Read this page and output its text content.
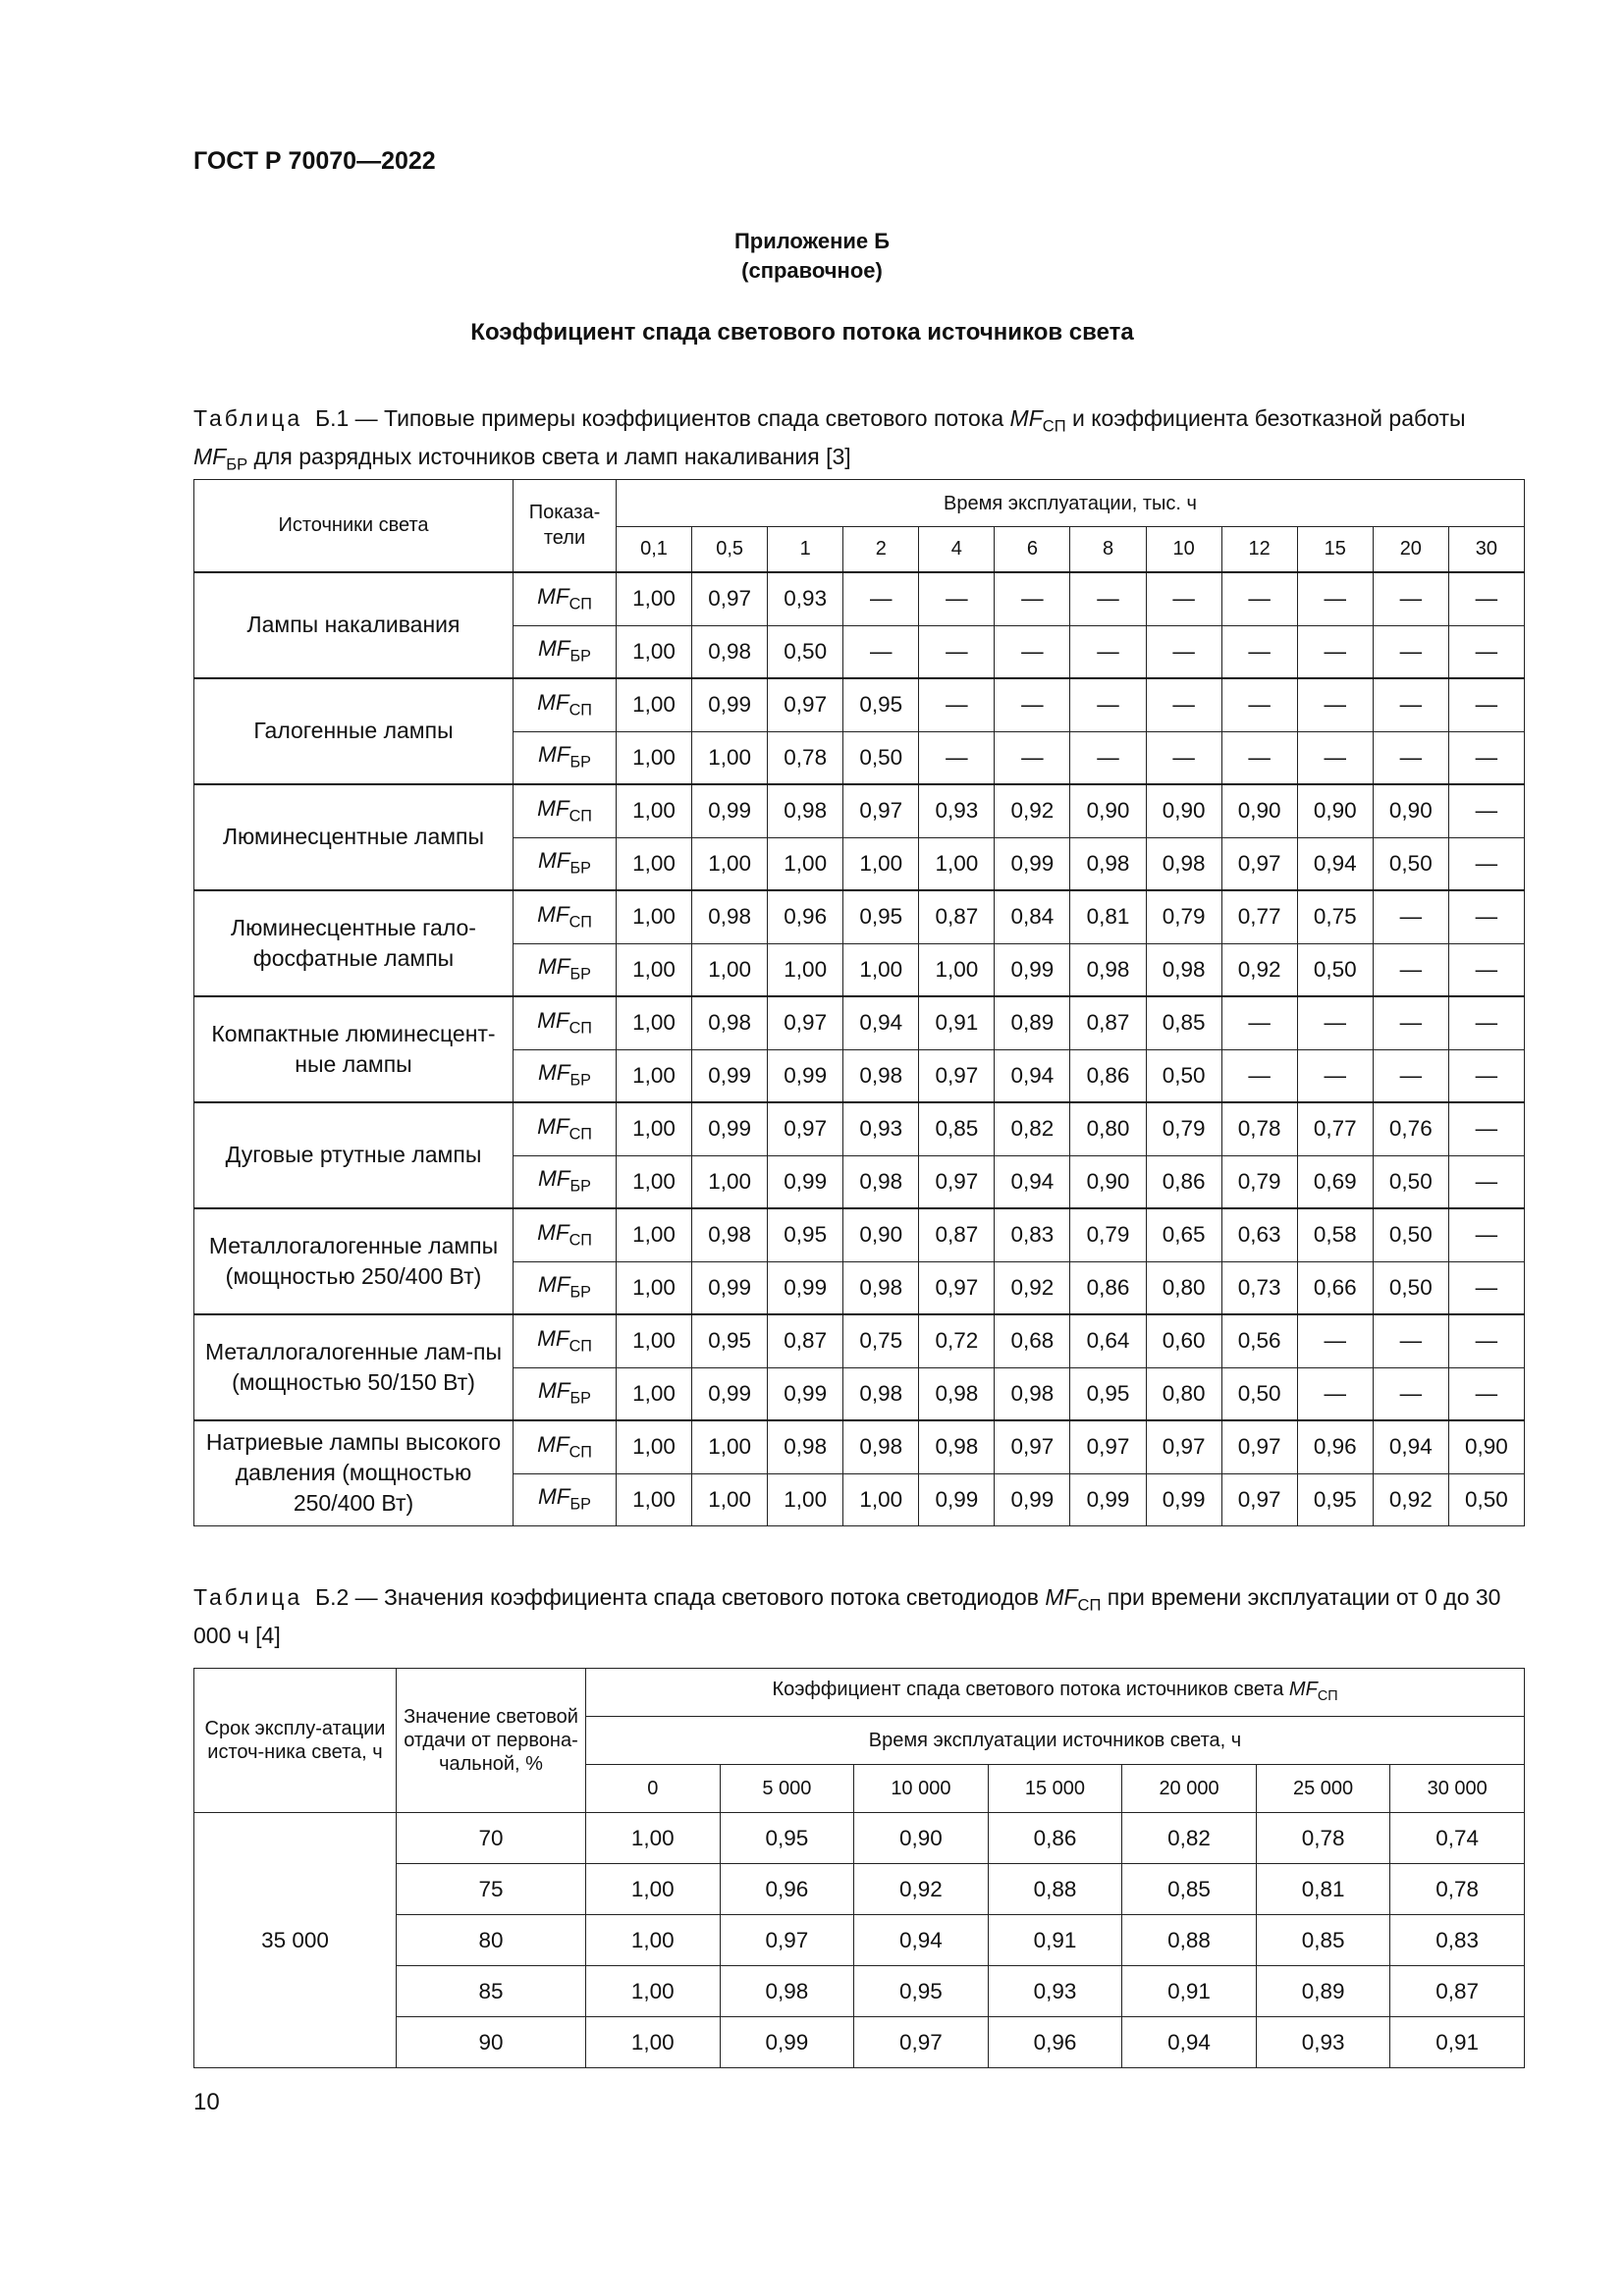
ГОСТ Р 70070—2022
Приложение Б
(справочное)
Коэффициент спада светового потока источников света
Таблица Б.1 — Типовые примеры коэффициентов спада светового потока $MF_{СП}$ и коэффициента безотказной работы $MF_{БР}$ для разрядных источников света и ламп накаливания [3]
Источники света	Показа-тели	Время эксплуатации, тыс. ч											
		0,1	0,5	1	2	4	6	8	10	12	15	20	30
Лампы накаливания	$MF_{СП}$	1,00	0,97	0,93	—	—	—	—	—	—	—	—	—
	$MF_{БР}$	1,00	0,98	0,50	—	—	—	—	—	—	—	—	—
Галогенные лампы	$MF_{СП}$	1,00	0,99	0,97	0,95	—	—	—	—	—	—	—	—
	$MF_{БР}$	1,00	1,00	0,78	0,50	—	—	—	—	—	—	—	—
Люминесцентные лампы	$MF_{СП}$	1,00	0,99	0,98	0,97	0,93	0,92	0,90	0,90	0,90	0,90	0,90	—
	$MF_{БР}$	1,00	1,00	1,00	1,00	1,00	0,99	0,98	0,98	0,97	0,94	0,50	—
Люминесцентные гало-фосфатные лампы	$MF_{СП}$	1,00	0,98	0,96	0,95	0,87	0,84	0,81	0,79	0,77	0,75	—	—
	$MF_{БР}$	1,00	1,00	1,00	1,00	1,00	0,99	0,98	0,98	0,92	0,50	—	—
Компактные люминесцент-ные лампы	$MF_{СП}$	1,00	0,98	0,97	0,94	0,91	0,89	0,87	0,85	—	—	—	—
	$MF_{БР}$	1,00	0,99	0,99	0,98	0,97	0,94	0,86	0,50	—	—	—	—
Дуговые ртутные лампы	$MF_{СП}$	1,00	0,99	0,97	0,93	0,85	0,82	0,80	0,79	0,78	0,77	0,76	—
	$MF_{БР}$	1,00	1,00	0,99	0,98	0,97	0,94	0,90	0,86	0,79	0,69	0,50	—
Металлогалогенные лампы (мощностью 250/400 Вт)	$MF_{СП}$	1,00	0,98	0,95	0,90	0,87	0,83	0,79	0,65	0,63	0,58	0,50	—
	$MF_{БР}$	1,00	0,99	0,99	0,98	0,97	0,92	0,86	0,80	0,73	0,66	0,50	—
Металлогалогенные лам-пы (мощностью 50/150 Вт)	$MF_{СП}$	1,00	0,95	0,87	0,75	0,72	0,68	0,64	0,60	0,56	—	—	—
	$MF_{БР}$	1,00	0,99	0,99	0,98	0,98	0,98	0,95	0,80	0,50	—	—	—
Натриевые лампы высокого давления (мощностью 250/400 Вт)	$MF_{СП}$	1,00	1,00	0,98	0,98	0,98	0,97	0,97	0,97	0,97	0,96	0,94	0,90
	$MF_{БР}$	1,00	1,00	1,00	1,00	0,99	0,99	0,99	0,99	0,97	0,95	0,92	0,50
Таблица Б.2 — Значения коэффициента спада светового потока светодиодов $MF_{СП}$ при времени эксплуатации от 0 до 30 000 ч [4]
Срок эксплу-атации источ-ника света, ч	Значение световой отдачи от первона-чальной, %	Коэффициент спада светового потока источников света $MF_{СП}$
		Время эксплуатации источников света, ч						
		0	5 000	10 000	15 000	20 000	25 000	30 000
35 000	70	1,00	0,95	0,90	0,86	0,82	0,78	0,74
	75	1,00	0,96	0,92	0,88	0,85	0,81	0,78
	80	1,00	0,97	0,94	0,91	0,88	0,85	0,83
	85	1,00	0,98	0,95	0,93	0,91	0,89	0,87
	90	1,00	0,99	0,97	0,96	0,94	0,93	0,91
10
